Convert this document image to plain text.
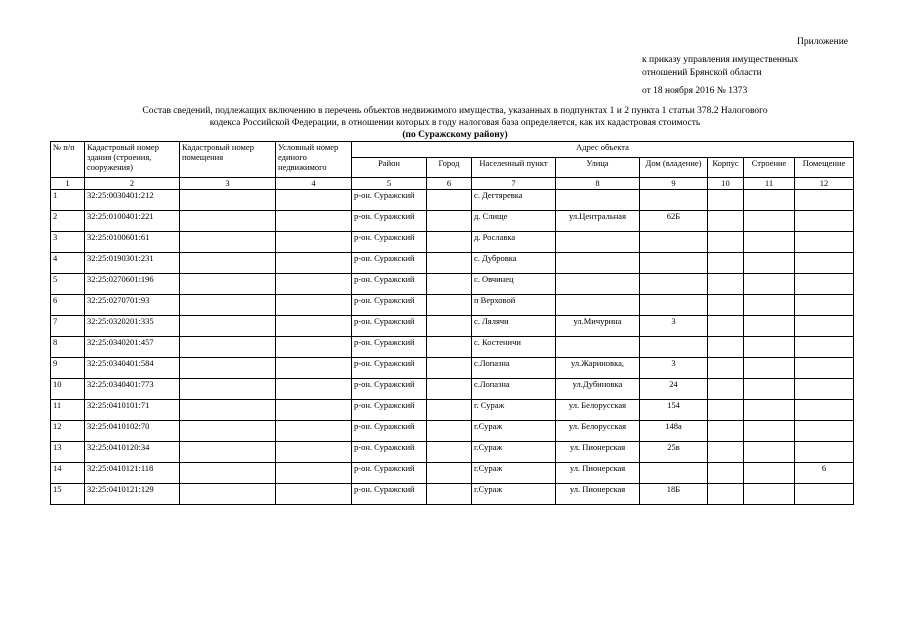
Приложение
к приказу управления имущественных
отношений Брянской области
от 18 ноября 2016 № 1373
Состав сведений, подлежащих включению в перечень объектов недвижимого имущества, указанных в подпунктах 1 и 2 пункта 1 статьи 378.2 Налогового
кодекса Российской Федерации, в отношении которых в году налоговая база определяется, как их кадастровая стоимость
(по Суражскому району)
№ п/п	Кадастровый номер здания (строения, сооружения)	Кадастровый номер помещения	Условный номер единого недвижимого	Адрес объекта							
				Район	Город	Населенный пункт	Улица	Дом (владение)	Корпус	Строение	Помещение
1	2	3	4	5	6	7	8	9	10	11	12
1	32:25:0030401:212			р-он. Суражский		с. Дегтяревка					
2	32:25:0100401:221			р-он. Суражский		д. Слище	ул.Центральная	62Б			
3	32:25:0100601:61			р-он. Суражский		д. Рославка					
4	32:25:0190301:231			р-он. Суражский		с. Дубровка					
5	32:25:0270601:196			р-он. Суражский		с. Овчинец					
6	32:25:0270701:93			р-он. Суражский		п Верховой					
7	32:25:0320201:335			р-он. Суражский		с. Лялячи	ул.Мичурина	3			
8	32:25:0340201:457			р-он. Суражский		с. Костеничи					
9	32:25:0340401:584			р-он. Суражский		с.Лопазна	ул.Жариновка,	3			
10	32:25:0340401:773			р-он. Суражский		с.Лопазна	ул.Дубиновка	24			
11	32:25:0410101:71			р-он. Суражский		г. Сураж	ул. Белорусская	154			
12	32:25:0410102:70			р-он. Суражский		г.Сураж	ул. Белорусская	148а			
13	32:25:0410120:34			р-он. Суражский		г.Сураж	ул. Пионерская	25в			
14	32:25:0410121:118			р-он. Суражский		г.Сураж	ул. Пионерская				6
15	32:25:0410121:129			р-он. Суражский		г.Сураж	ул. Пионерская	18Б			
